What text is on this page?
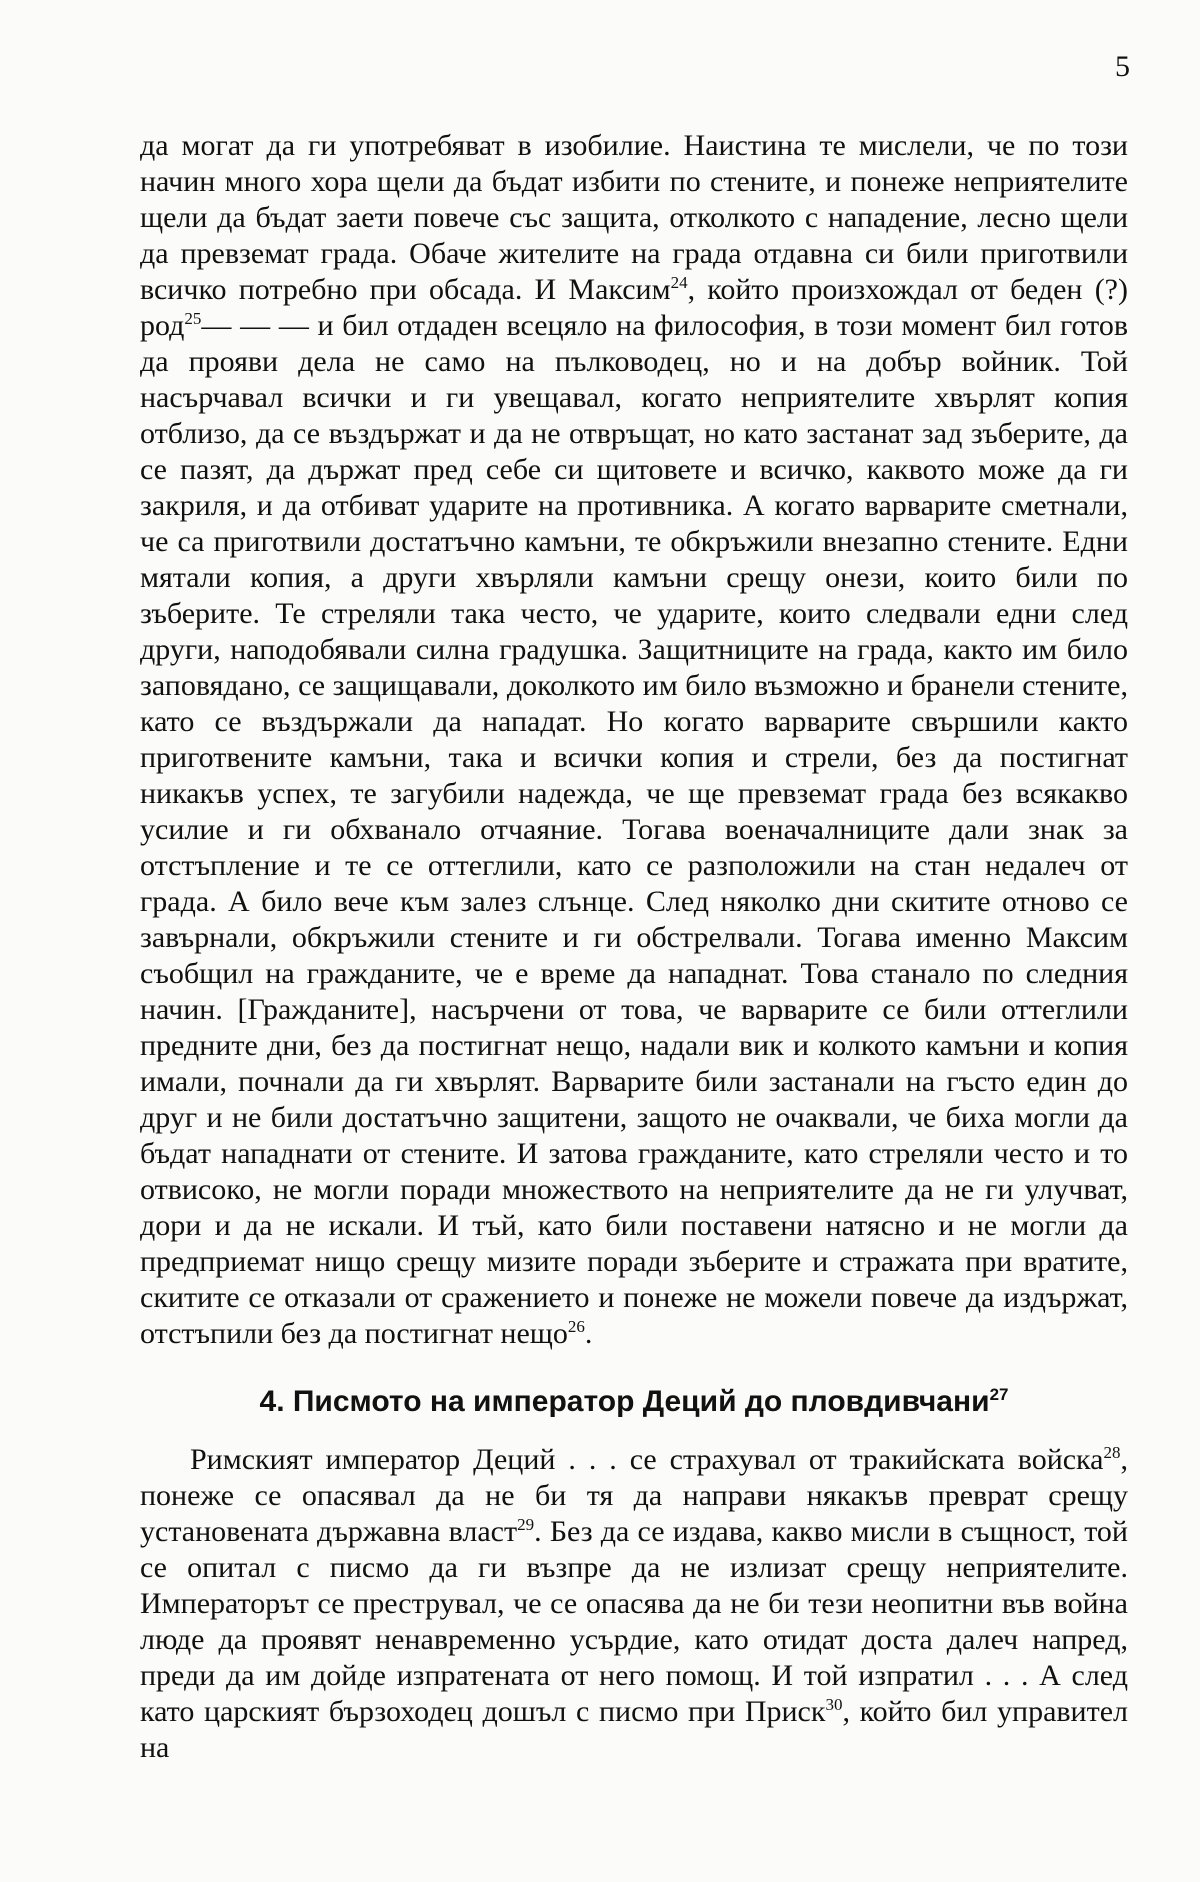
5

да могат да ги употребяват в изобилие. Наистина те мислели, че по този начин много хора щели да бъдат избити по стените, и понеже неприятелите щели да бъдат заети повече със защита, отколкото с нападение, лесно щели да превземат града. Обаче жителите на града отдавна си били приготвили всичко потребно при обсада. И Максим$^{24}$, който произхождал от беден (?) род$^{25}$— — — и бил отдаден всецяло на философия, в този момент бил готов да прояви дела не само на пълководец, но и на добър войник. Той насърчавал всички и ги увещавал, когато неприятелите хвърлят копия отблизо, да се въздържат и да не отвръщат, но като застанат зад зъберите, да се пазят, да държат пред себе си щитовете и всичко, каквото може да ги закриля, и да отбиват ударите на противника. А когато варварите сметнали, че са приготвили достатъчно камъни, те обкръжили внезапно стените. Едни мятали копия, а други хвърляли камъни срещу онези, които били по зъберите. Те стреляли така често, че ударите, които следвали едни след други, наподобявали силна градушка. Защитниците на града, както им било заповядано, се защищавали, доколкото им било възможно и бранели стените, като се въздържали да нападат. Но когато варварите свършили както приготвените камъни, така и всички копия и стрели, без да постигнат никакъв успех, те загубили надежда, че ще превземат града без всякакво усилие и ги обхванало отчаяние. Тогава военачалниците дали знак за отстъпление и те се оттеглили, като се разположили на стан недалеч от града. А било вече към залез слънце. След няколко дни скитите отново се завърнали, обкръжили стените и ги обстрелвали. Тогава именно Максим съобщил на гражданите, че е време да нападнат. Това станало по следния начин. [Гражданите], насърчени от това, че варварите се били оттеглили предните дни, без да постигнат нещо, надали вик и колкото камъни и копия имали, почнали да ги хвърлят. Варварите били застанали на гъсто един до друг и не били достатъчно защитени, защото не очаквали, че биха могли да бъдат нападнати от стените. И затова гражданите, като стреляли често и то отвисоко, не могли поради множеството на неприятелите да не ги улучват, дори и да не искали. И тъй, като били поставени натясно и не могли да предприемат нищо срещу мизите поради зъберите и стражата при вратите, скитите се отказали от сражението и понеже не можели повече да издържат, отстъпили без да постигнат нещо$^{26}$.

4. Писмото на император Деций до пловдивчани$^{27}$

Римският император Деций . . . се страхувал от тракийската войска$^{28}$, понеже се опасявал да не би тя да направи някакъв преврат срещу установената държавна власт$^{29}$. Без да се издава, какво мисли в същност, той се опитал с писмо да ги възпре да не излизат срещу неприятелите. Императорът се преструвал, че се опасява да не би тези неопитни във война люде да проявят ненавременно усърдие, като отидат доста далеч напред, преди да им дойде изпратената от него помощ. И той изпратил . . . А след като царският бързоходец дошъл с писмо при Приск$^{30}$, който бил управител на
